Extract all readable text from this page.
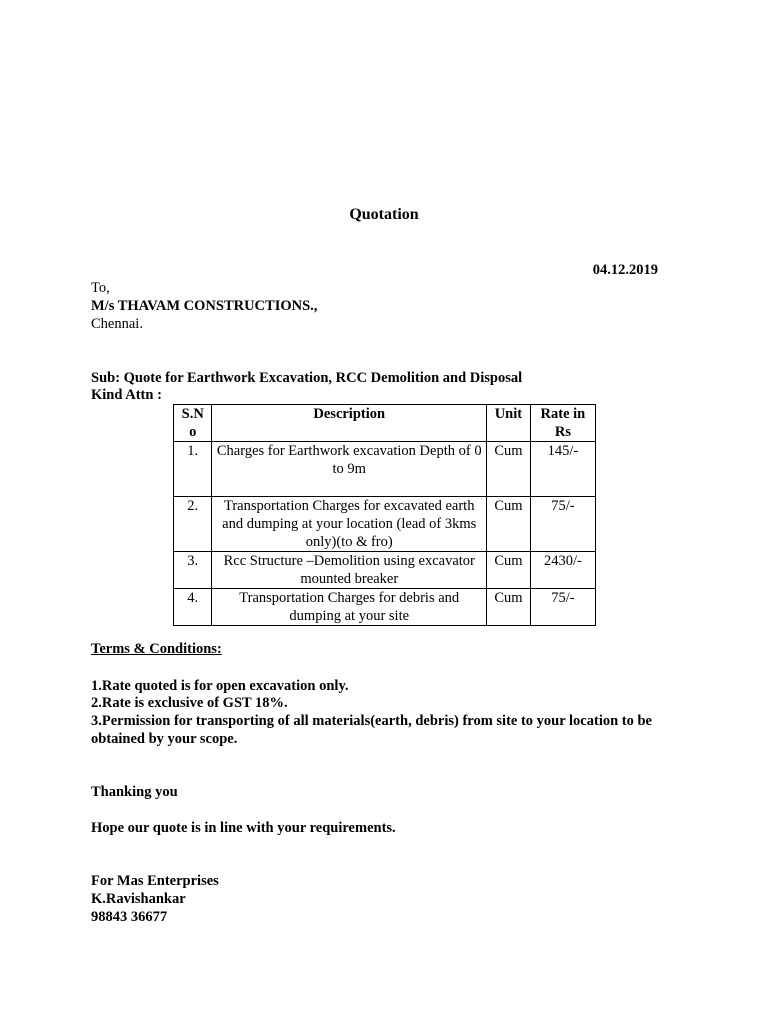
Quotation
04.12.2019
To,
M/s THAVAM CONSTRUCTIONS.,
Chennai.
Sub: Quote for Earthwork Excavation, RCC Demolition and Disposal
Kind Attn :
S.N o	Description	Unit	Rate in Rs
1.	Charges for Earthwork excavation Depth of 0 to 9m	Cum	145/-
2.	Transportation Charges for excavated earth and dumping at your location (lead of 3kms only)(to & fro)	Cum	75/-
3.	Rcc Structure –Demolition using excavator mounted breaker	Cum	2430/-
4.	Transportation Charges for debris and dumping at your site	Cum	75/-
Terms & Conditions:
1.Rate quoted is for open excavation only.
2.Rate is exclusive of GST 18%.
3.Permission for transporting of all materials(earth, debris) from site to your location to be obtained by your scope.
Thanking you
Hope our quote is in line with your requirements.
For Mas Enterprises
K.Ravishankar
98843 36677
